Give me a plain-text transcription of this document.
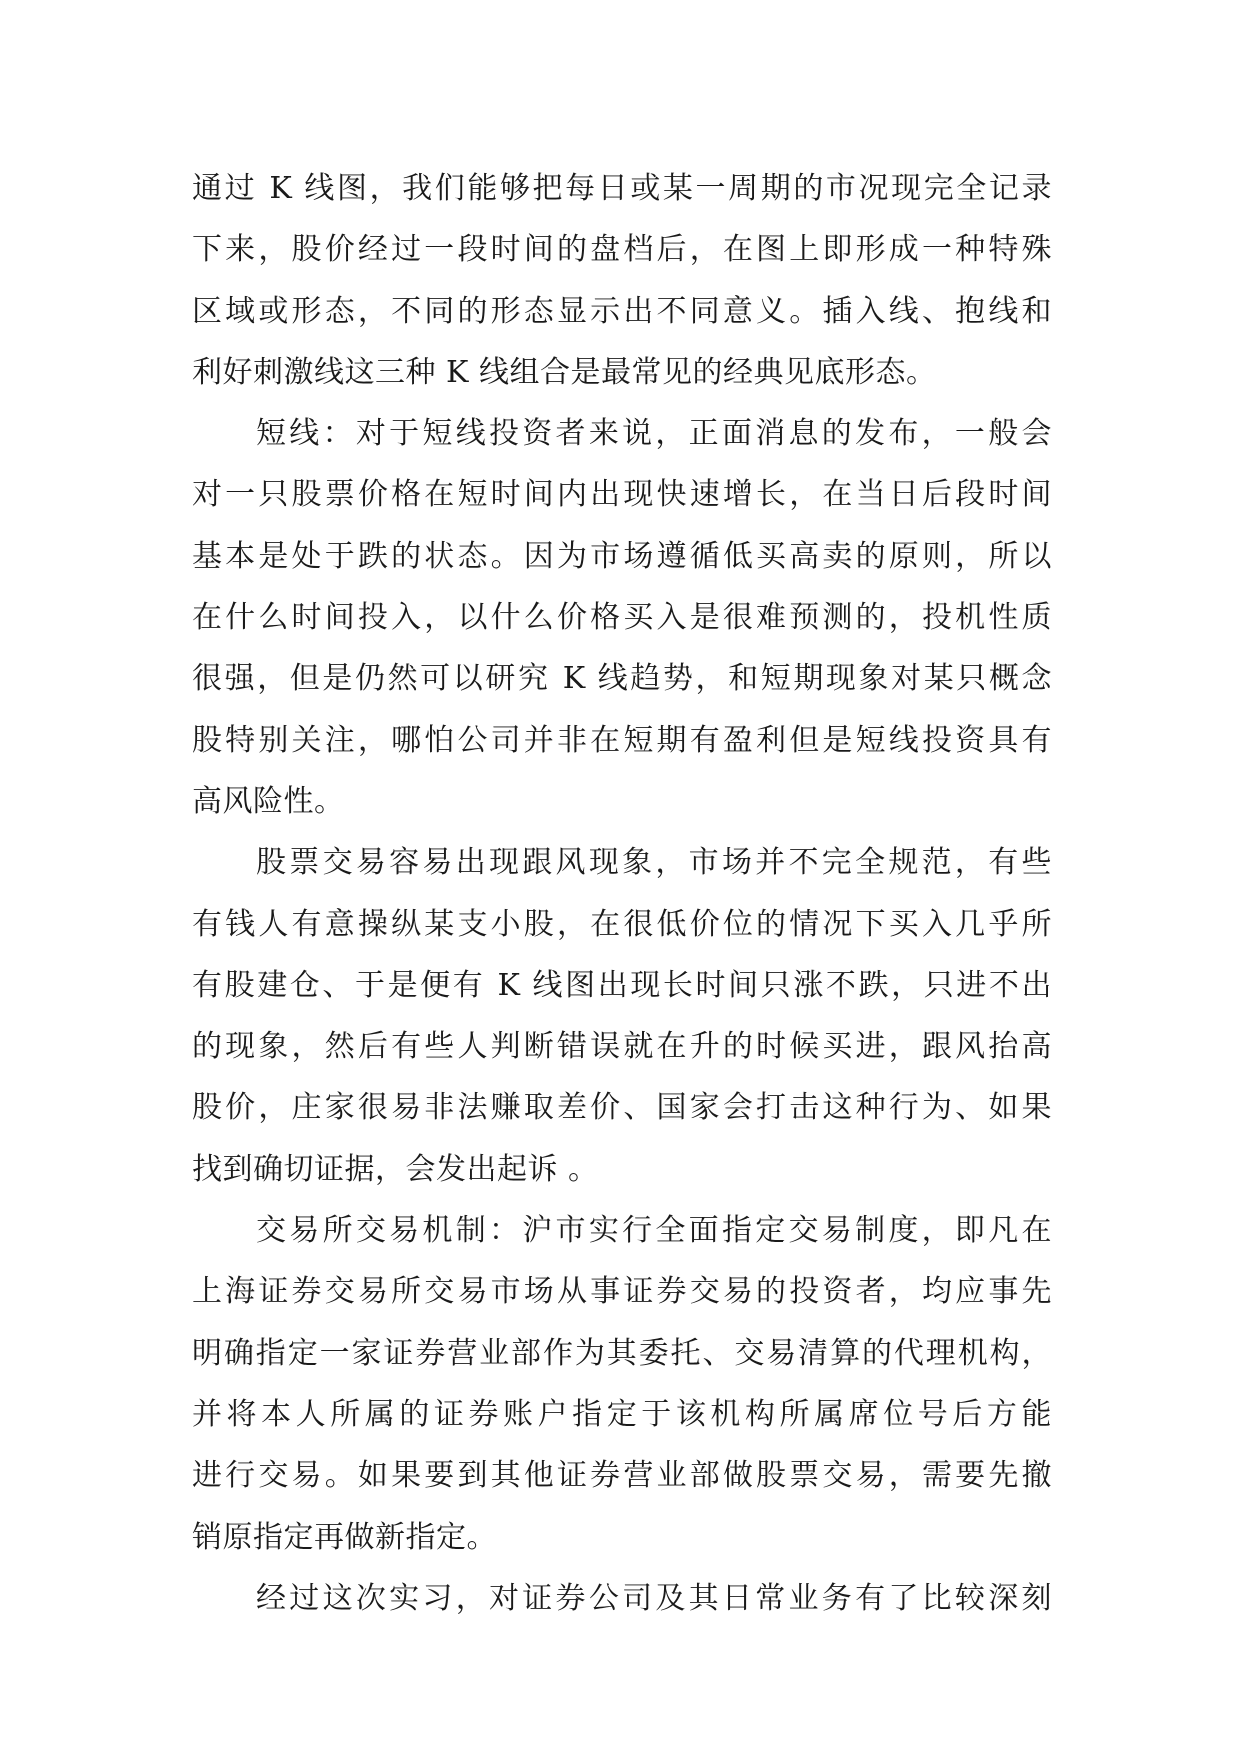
通过 K 线图，我们能够把每日或某一周期的市况现完全记录
下来，股价经过一段时间的盘档后，在图上即形成一种特殊
区域或形态，不同的形态显示出不同意义。插入线、抱线和
利好刺激线这三种 K 线组合是最常见的经典见底形态。
短线：对于短线投资者来说，正面消息的发布，一般会
对一只股票价格在短时间内出现快速增长，在当日后段时间
基本是处于跌的状态。因为市场遵循低买高卖的原则，所以
在什么时间投入，以什么价格买入是很难预测的，投机性质
很强，但是仍然可以研究 K 线趋势，和短期现象对某只概念
股特别关注，哪怕公司并非在短期有盈利但是短线投资具有
高风险性。
股票交易容易出现跟风现象，市场并不完全规范，有些
有钱人有意操纵某支小股，在很低价位的情况下买入几乎所
有股建仓、于是便有 K 线图出现长时间只涨不跌，只进不出
的现象，然后有些人判断错误就在升的时候买进，跟风抬高
股价，庄家很易非法赚取差价、国家会打击这种行为、如果
找到确切证据，会发出起诉 。
交易所交易机制：沪市实行全面指定交易制度，即凡在
上海证券交易所交易市场从事证券交易的投资者，均应事先
明确指定一家证券营业部作为其委托、交易清算的代理机构，
并将本人所属的证券账户指定于该机构所属席位号后方能
进行交易。如果要到其他证券营业部做股票交易，需要先撤
销原指定再做新指定。
经过这次实习，对证券公司及其日常业务有了比较深刻
